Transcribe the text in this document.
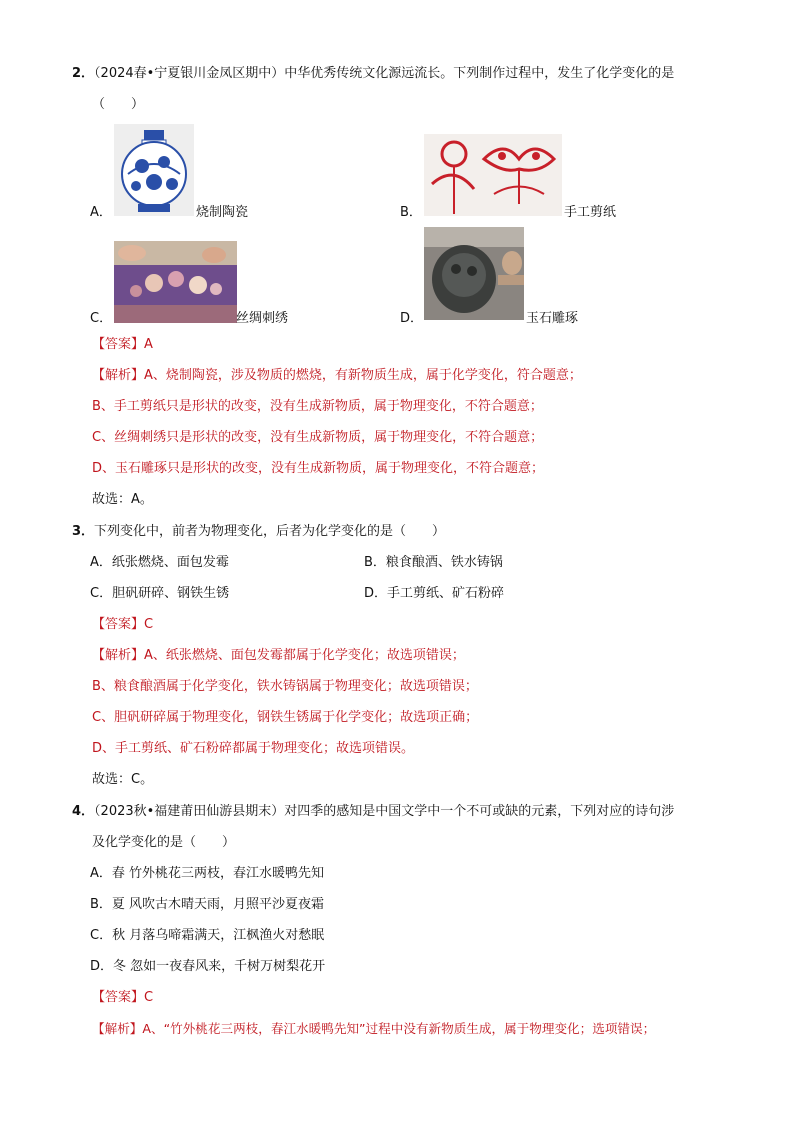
2．（2024春•宁夏银川金凤区期中）中华优秀传统文化源远流长。下列制作过程中，发生了化学变化的是
（　　）
A．	烧制陶瓷	B．	手工剪纸
C．	丝绸刺绣	D．	玉石雕琢
【答案】A
【解析】A、烧制陶瓷，涉及物质的燃烧，有新物质生成，属于化学变化，符合题意；
B、手工剪纸只是形状的改变，没有生成新物质，属于物理变化，不符合题意；
C、丝绸刺绣只是形状的改变，没有生成新物质，属于物理变化，不符合题意；
D、玉石雕琢只是形状的改变，没有生成新物质，属于物理变化，不符合题意；
故选：A。
3．下列变化中，前者为物理变化，后者为化学变化的是（　　）
A．纸张燃烧、面包发霉	B．粮食酿酒、铁水铸锅
C．胆矾研碎、钢铁生锈	D．手工剪纸、矿石粉碎
【答案】C
【解析】A、纸张燃烧、面包发霉都属于化学变化；故选项错误；
B、粮食酿酒属于化学变化，铁水铸锅属于物理变化；故选项错误；
C、胆矾研碎属于物理变化，钢铁生锈属于化学变化；故选项正确；
D、手工剪纸、矿石粉碎都属于物理变化；故选项错误。
故选：C。
4．（2023秋•福建莆田仙游县期末）对四季的感知是中国文学中一个不可或缺的元素，下列对应的诗句涉
及化学变化的是（　　）
A．春 竹外桃花三两枝，春江水暖鸭先知
B．夏 风吹古木晴天雨，月照平沙夏夜霜
C．秋 月落乌啼霜满天，江枫渔火对愁眠
D．冬 忽如一夜春风来，千树万树梨花开
【答案】C
【解析】A、“竹外桃花三两枝，春江水暖鸭先知”过程中没有新物质生成，属于物理变化；选项错误；
